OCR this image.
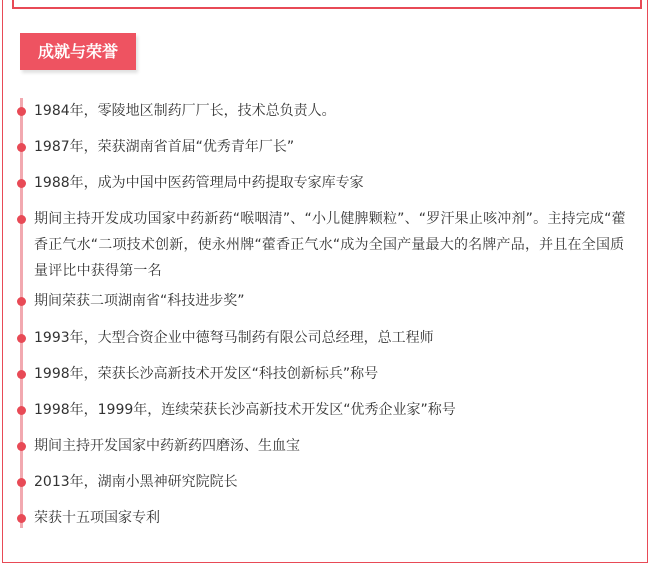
成就与荣誉
1984年，零陵地区制药厂厂长，技术总负责人。
1987年，荣获湖南省首届“优秀青年厂长”
1988年，成为中国中医药管理局中药提取专家库专家
期间主持开发成功国家中药新药“喉咽清”、“小儿健脾颗粒”、“罗汗果止咳冲剂”。主持完成“藿香正气水“二项技术创新，使永州牌“藿香正气水“成为全国产量最大的名牌产品，并且在全国质量评比中获得第一名
期间荣获二项湖南省“科技进步奖”
1993年，大型合资企业中德弩马制药有限公司总经理，总工程师
1998年，荣获长沙高新技术开发区“科技创新标兵”称号
1998年，1999年，连续荣获长沙高新技术开发区“优秀企业家”称号
期间主持开发国家中药新药四磨汤、生血宝
2013年，湖南小黑神研究院院长
荣获十五项国家专利
